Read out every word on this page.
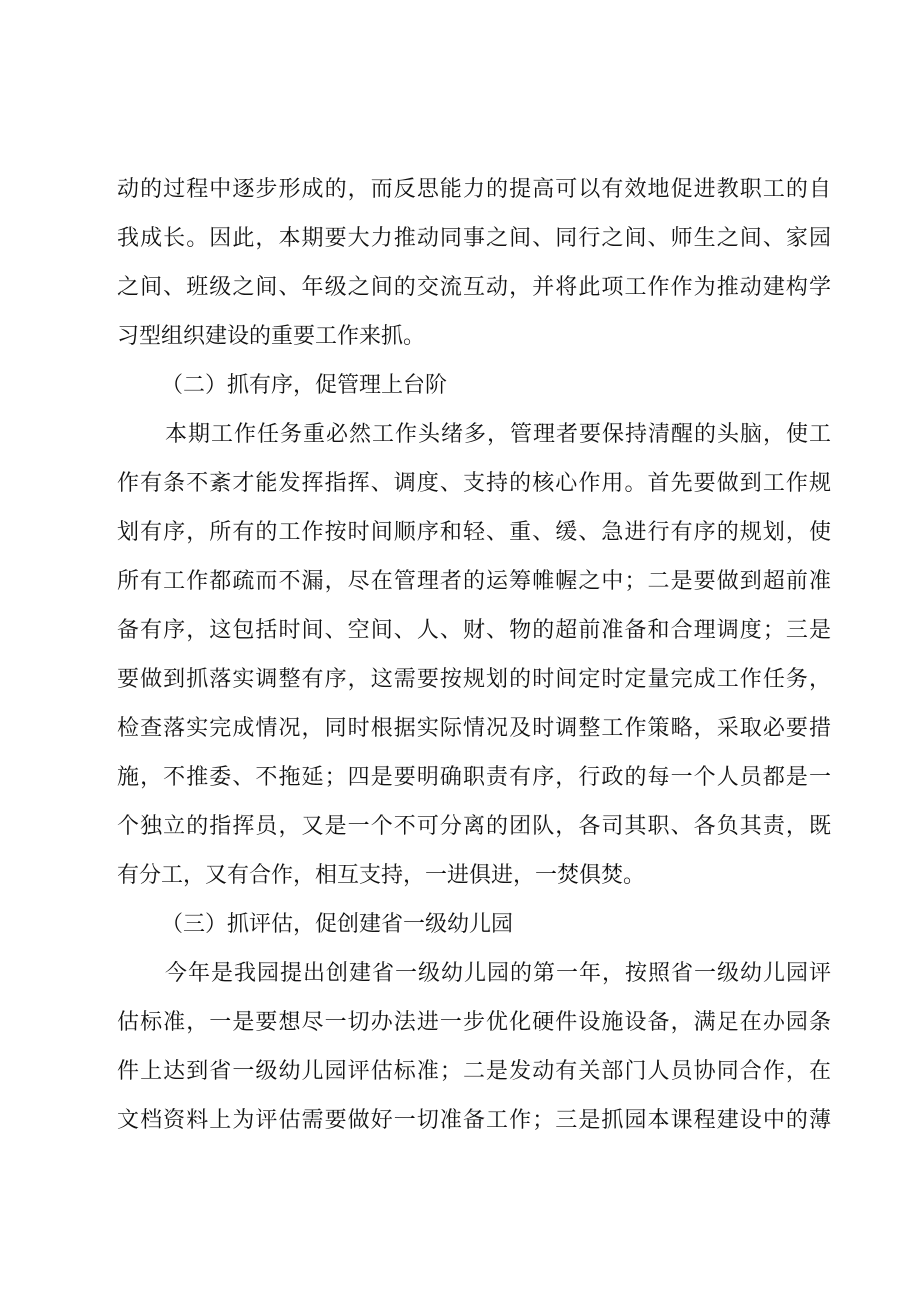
动的过程中逐步形成的，而反思能力的提高可以有效地促进教职工的自
我成长。因此，本期要大力推动同事之间、同行之间、师生之间、家园
之间、班级之间、年级之间的交流互动，并将此项工作作为推动建构学
习型组织建设的重要工作来抓。
（二）抓有序，促管理上台阶
本期工作任务重必然工作头绪多，管理者要保持清醒的头脑，使工
作有条不紊才能发挥指挥、调度、支持的核心作用。首先要做到工作规
划有序，所有的工作按时间顺序和轻、重、缓、急进行有序的规划，使
所有工作都疏而不漏，尽在管理者的运筹帷幄之中；二是要做到超前准
备有序，这包括时间、空间、人、财、物的超前准备和合理调度；三是
要做到抓落实调整有序，这需要按规划的时间定时定量完成工作任务，
检查落实完成情况，同时根据实际情况及时调整工作策略，采取必要措
施，不推委、不拖延；四是要明确职责有序，行政的每一个人员都是一
个独立的指挥员，又是一个不可分离的团队，各司其职、各负其责，既
有分工，又有合作，相互支持，一进俱进，一焚俱焚。
（三）抓评估，促创建省一级幼儿园
今年是我园提出创建省一级幼儿园的第一年，按照省一级幼儿园评
估标准，一是要想尽一切办法进一步优化硬件设施设备，满足在办园条
件上达到省一级幼儿园评估标准；二是发动有关部门人员协同合作，在
文档资料上为评估需要做好一切准备工作；三是抓园本课程建设中的薄
